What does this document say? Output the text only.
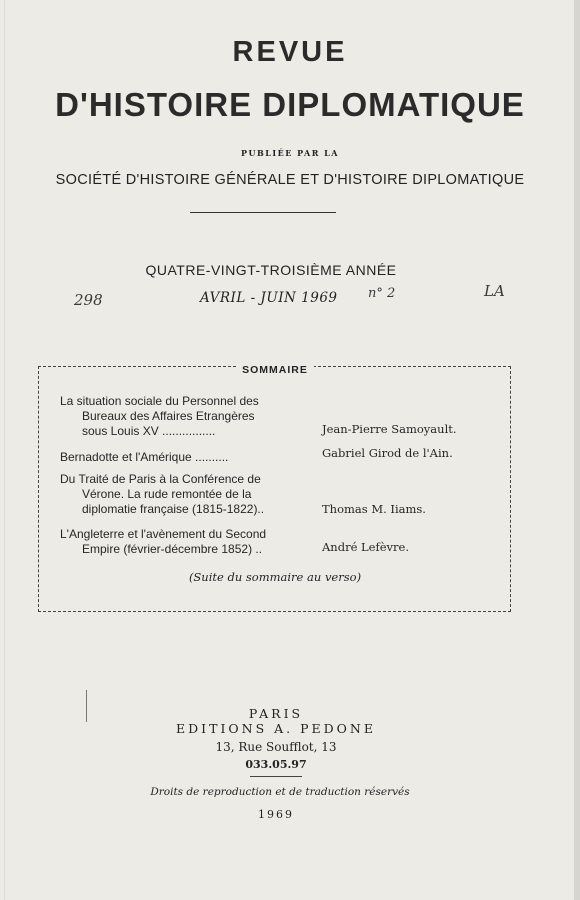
REVUE
D'HISTOIRE DIPLOMATIQUE
PUBLIÉE PAR LA
SOCIÉTÉ D'HISTOIRE GÉNÉRALE ET D'HISTOIRE DIPLOMATIQUE
QUATRE-VINGT-TROISIÈME ANNÉE
AVRIL - JUIN 1969
298	n° 2	LA
SOMMAIRE
La situation sociale du Personnel des
Bureaux des Affaires Etrangères
sous Louis XV ................	Jean-Pierre Samoyault.
Bernadotte et l'Amérique ..........	Gabriel Girod de l'Ain.
Du Traité de Paris à la Conférence de
Vérone. La rude remontée de la
diplomatie française (1815-1822)..	Thomas M. Iiams.
L'Angleterre et l'avènement du Second
Empire (février-décembre 1852) ..	André Lefèvre.
(Suite du sommaire au verso)
PARIS
EDITIONS A. PEDONE
13, Rue Soufflot, 13
033.05.97
Droits de reproduction et de traduction réservés
1969
